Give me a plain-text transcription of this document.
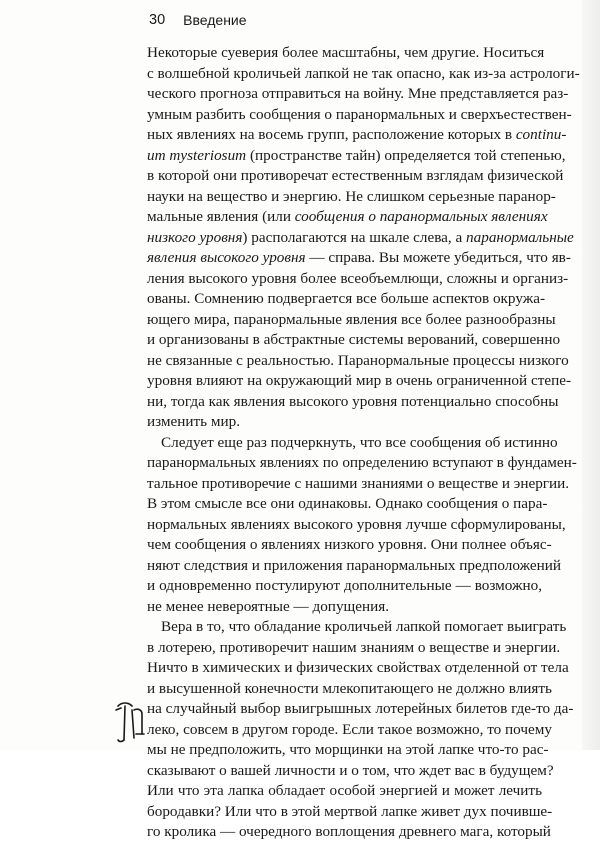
30 Введение
Некоторые суеверия более масштабны, чем другие. Носиться
с волшебной кроличьей лапкой не так опасно, как из-за астрологи-
ческого прогноза отправиться на войну. Мне представляется раз-
умным разбить сообщения о паранормальных и сверхъестествен-
ных явлениях на восемь групп, расположение которых в continu-
um mysteriosum (пространстве тайн) определяется той степенью,
в которой они противоречат естественным взглядам физической
науки на вещество и энергию. Не слишком серьезные паранор-
мальные явления (или сообщения о паранормальных явлениях
низкого уровня) располагаются на шкале слева, а паранормальные
явления высокого уровня — справа. Вы можете убедиться, что яв-
ления высокого уровня более всеобъемлющи, сложны и организ-
ованы. Сомнению подвергается все больше аспектов окружа-
ющего мира, паранормальные явления все более разнообразны
и организованы в абстрактные системы верований, совершенно
не связанные с реальностью. Паранормальные процессы низкого
уровня влияют на окружающий мир в очень ограниченной степе-
ни, тогда как явления высокого уровня потенциально способны
изменить мир.
Следует еще раз подчеркнуть, что все сообщения об истинно
паранормальных явлениях по определению вступают в фундамен-
тальное противоречие с нашими знаниями о веществе и энергии.
В этом смысле все они одинаковы. Однако сообщения о пара-
нормальных явлениях высокого уровня лучше сформулированы,
чем сообщения о явлениях низкого уровня. Они полнее объяс-
няют следствия и приложения паранормальных предположений
и одновременно постулируют дополнительные — возможно,
не менее невероятные — допущения.
Вера в то, что обладание кроличьей лапкой помогает выиграть
в лотерею, противоречит нашим знаниям о веществе и энергии.
Ничто в химических и физических свойствах отделенной от тела
и высушенной конечности млекопитающего не должно влиять
на случайный выбор выигрышных лотерейных билетов где-то да-
леко, совсем в другом городе. Если такое возможно, то почему
мы не предположить, что морщинки на этой лапке что-то рас-
сказывают о вашей личности и о том, что ждет вас в будущем?
Или что эта лапка обладает особой энергией и может лечить
бородавки? Или что в этой мертвой лапке живет дух почивше-
го кролика — очередного воплощения древнего мага, который
